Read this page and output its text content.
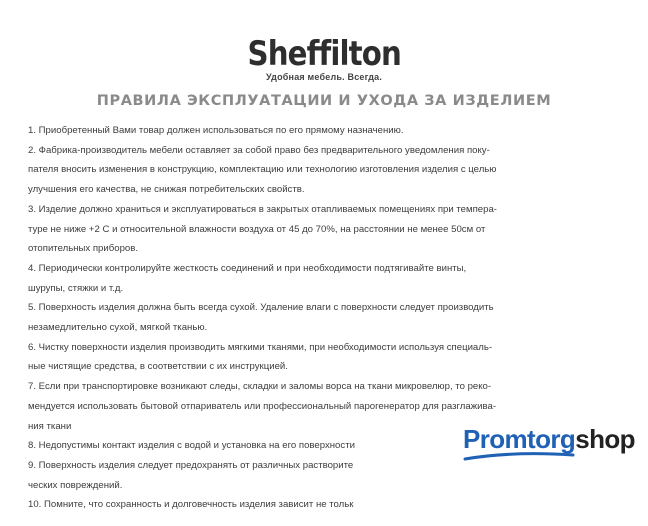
Sheffilton
Удобная мебель. Всегда.
ПРАВИЛА ЭКСПЛУАТАЦИИ И УХОДА ЗА ИЗДЕЛИЕМ
1. Приобретенный Вами товар должен использоваться по его прямому назначению.
2. Фабрика-производитель мебели оставляет за собой право без предварительного уведомления поку-
пателя вносить изменения в конструкцию, комплектацию или технологию изготовления изделия с целью
улучшения его качества, не снижая потребительских свойств.
3. Изделие должно храниться и эксплуатироваться в закрытых отапливаемых помещениях при темпера-
туре не ниже +2 С и относительной влажности воздуха от 45 до 70%, на расстоянии не менее 50см от
отопительных приборов.
4. Периодически контролируйте жесткость соединений и при необходимости подтягивайте винты,
шурупы, стяжки и т.д.
5. Поверхность изделия должна быть всегда сухой. Удаление влаги с поверхности следует производить
незамедлительно сухой, мягкой тканью.
6. Чистку поверхности изделия производить мягкими тканями, при необходимости используя специаль-
ные чистящие средства, в соответствии с их инструкцией.
7. Если при транспортировке возникают следы, складки и заломы ворса на ткани микровелюр, то реко-
мендуется использовать бытовой отпариватель или профессиональный парогенератор для разглажива-
ния ткани
8. Недопустимы контакт изделия с водой и установка на его поверхности
9. Поверхность изделия следует предохранять от различных растворите
ческих повреждений.
10. Помните, что сохранность и долговечность изделия зависит не тольк
Promtorgshop
